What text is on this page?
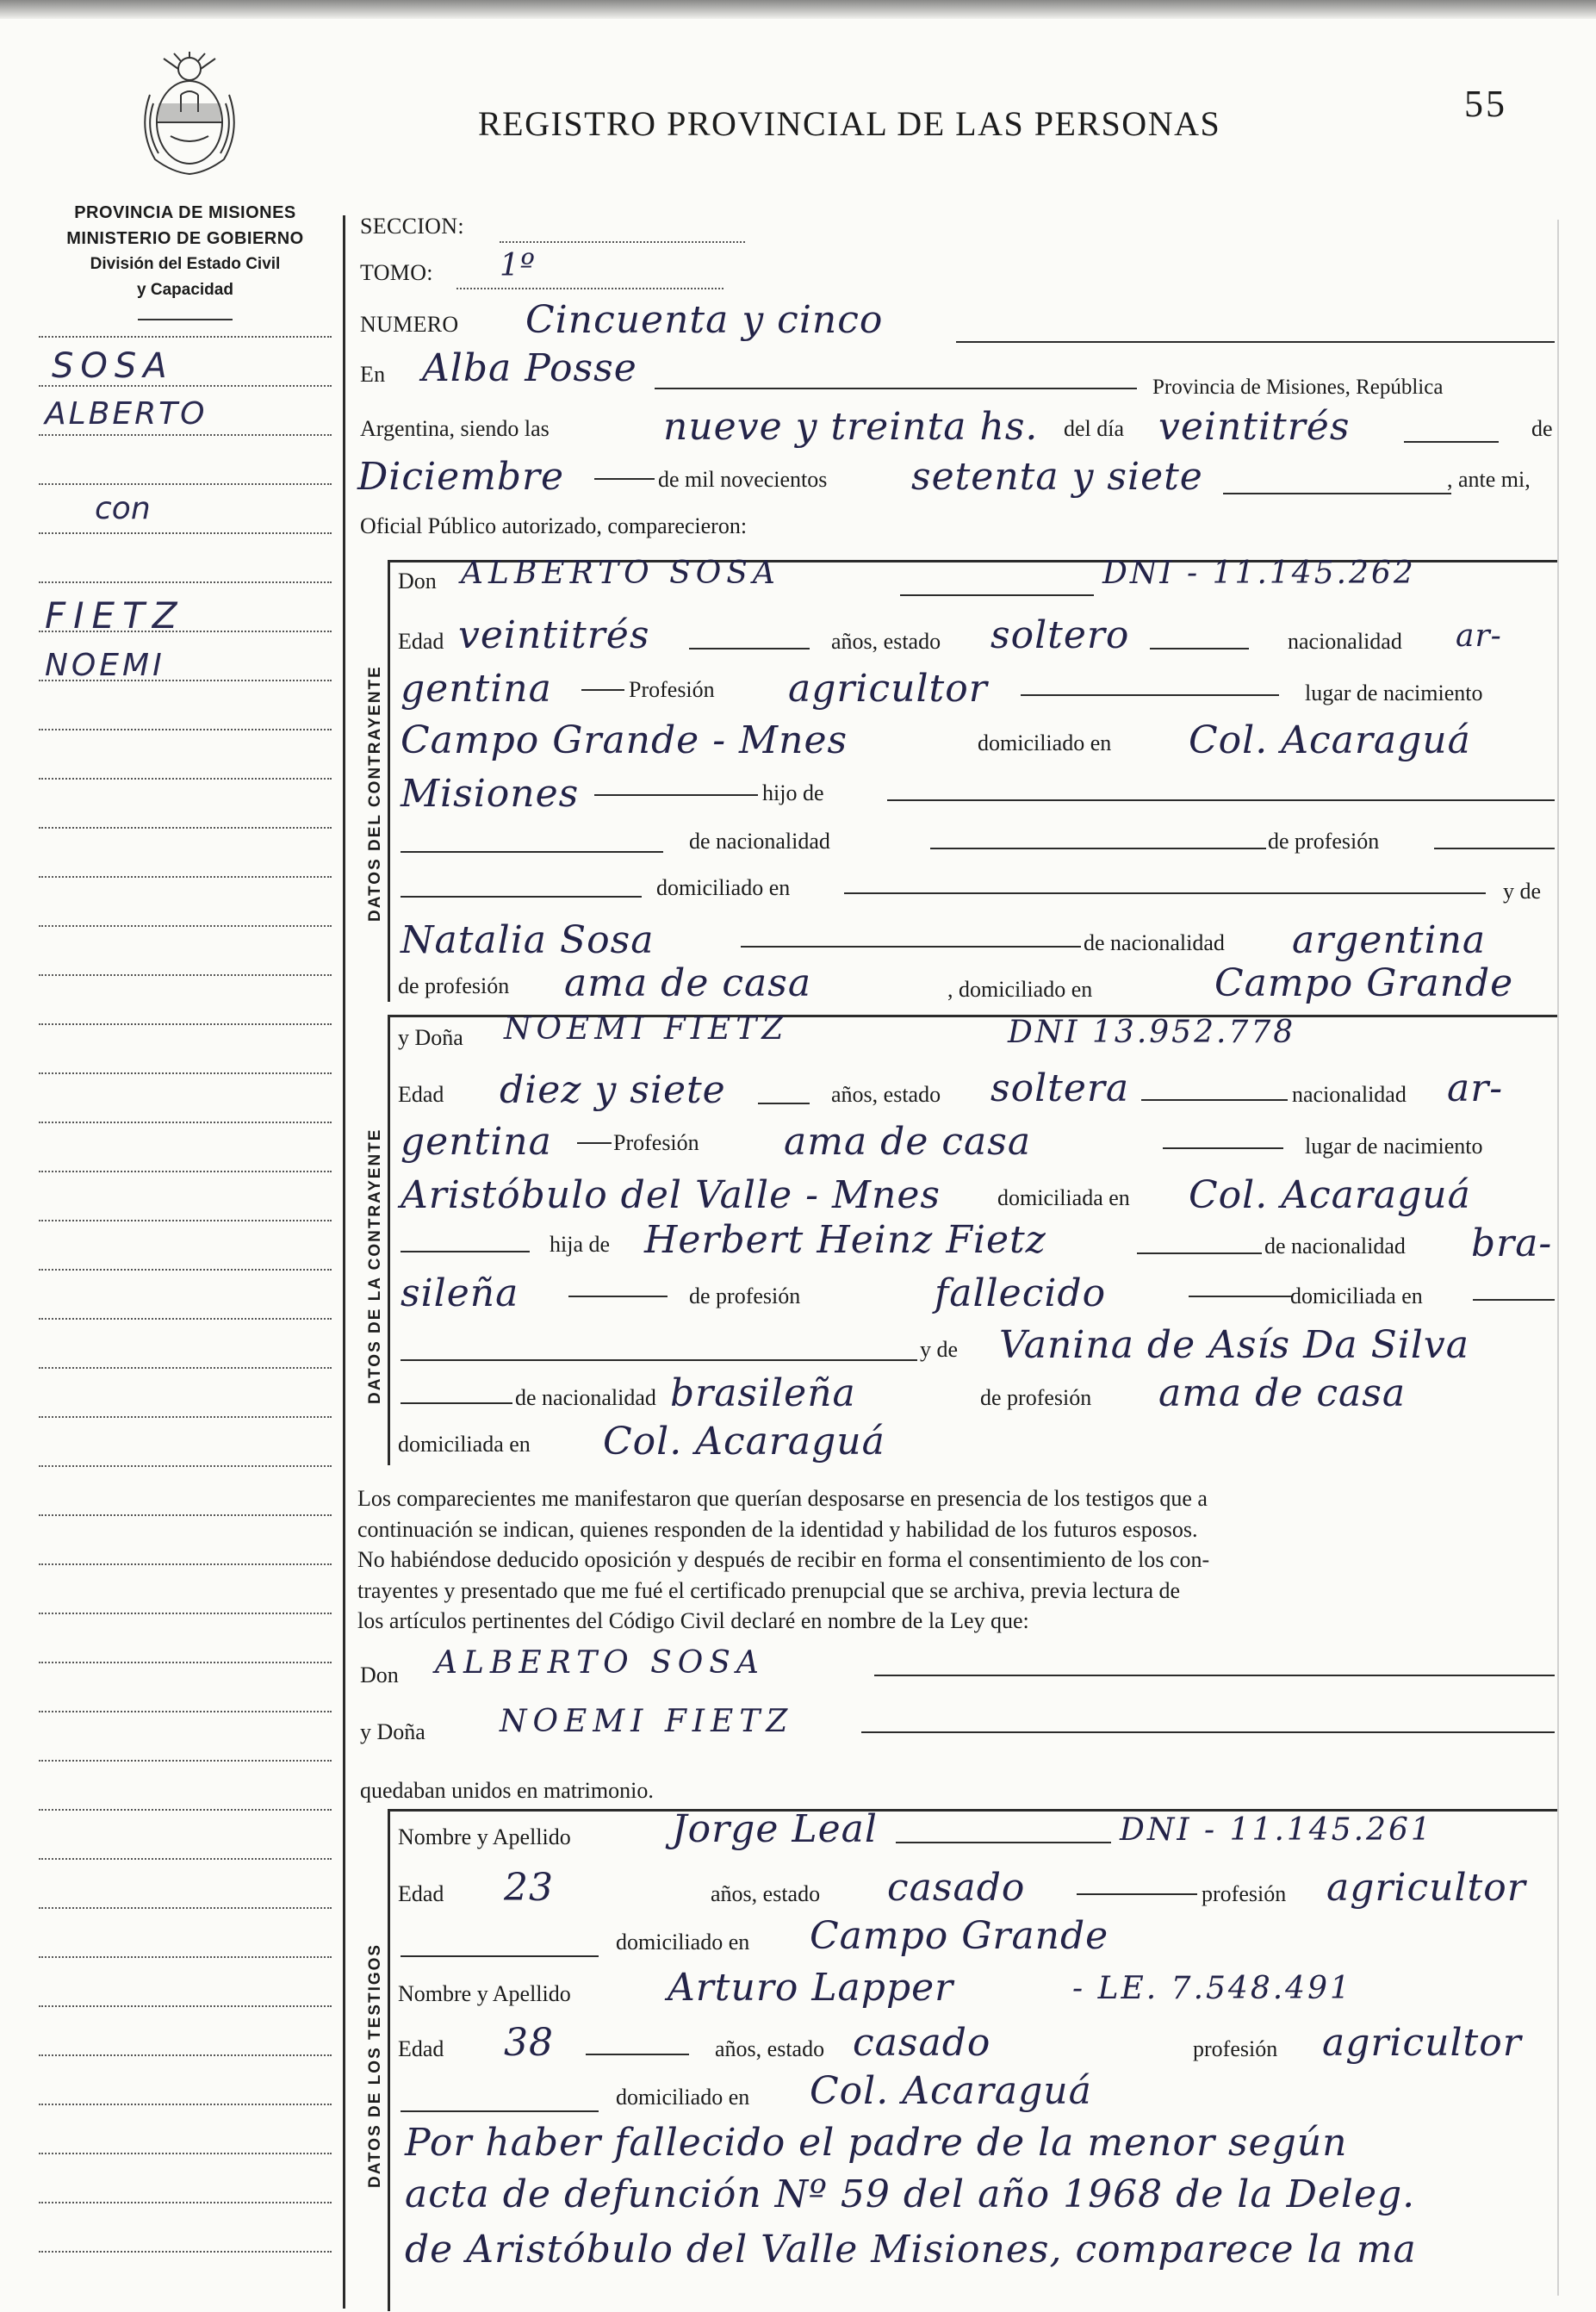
REGISTRO PROVINCIAL DE LAS PERSONAS	55
PROVINCIA DE MISIONES
MINISTERIO DE GOBIERNO
División del Estado Civil
y Capacidad
SOSA
ALBERTO
con
FIETZ
NOEMI
SECCION:
TOMO: 1º
NUMERO Cincuenta y cinco
En Alba Posse	Provincia de Misiones, República
Argentina, siendo las	nueve y treinta hs. del día veintitrés	de
Diciembre	de mil novecientos setenta y siete	, ante mi,
Oficial Público autorizado, comparecieron:
DATOS DEL CONTRAYENTE
Don ALBERTO SOSA	DNI - 11.145.262
Edad veintitrés	años, estado soltero	nacionalidad ar-
gentina	Profesión agricultor	lugar de nacimiento
Campo Grande - Mnes	domiciliado en Col. Acaraguá
Misiones	hijo de
de nacionalidad	de profesión
domiciliado en	y de
Natalia Sosa	de nacionalidad argentina
de profesión ama de casa	, domiciliado en	Campo Grande
DATOS DE LA CONTRAYENTE
y Doña NOEMI FIETZ	DNI 13.952.778
Edad diez y siete	años, estado soltera	nacionalidad ar-
gentina	Profesión ama de casa	lugar de nacimiento
Aristóbulo del Valle - Mnes	domiciliada en Col. Acaraguá
hija de Herbert Heinz Fietz	de nacionalidad bra-
sileña	de profesión	fallecido	domiciliada en
y de Vanina de Asís Da Silva
de nacionalidad brasileña	de profesión ama de casa
domiciliada en Col. Acaraguá
Los comparecientes me manifestaron que querían desposarse en presencia de los testigos que a
continuación se indican, quienes responden de la identidad y habilidad de los futuros esposos.
No habiéndose deducido oposición y después de recibir en forma el consentimiento de los con-
trayentes y presentado que me fué el certificado prenupcial que se archiva, previa lectura de
los artículos pertinentes del Código Civil declaré en nombre de la Ley que:
Don ALBERTO SOSA
y Doña NOEMI FIETZ
quedaban unidos en matrimonio.
DATOS DE LOS TESTIGOS
Nombre y Apellido	Jorge Leal	DNI - 11.145.261
Edad 23	años, estado casado	profesión agricultor
domiciliado en Campo Grande
Nombre y Apellido	Arturo Lapper	- LE. 7.548.491
Edad 38	años, estado casado	profesión agricultor
domiciliado en Col. Acaraguá
Por haber fallecido el padre de la menor según
acta de defunción Nº 59 del año 1968 de la Deleg.
de Aristóbulo del Valle Misiones, comparece la ma
